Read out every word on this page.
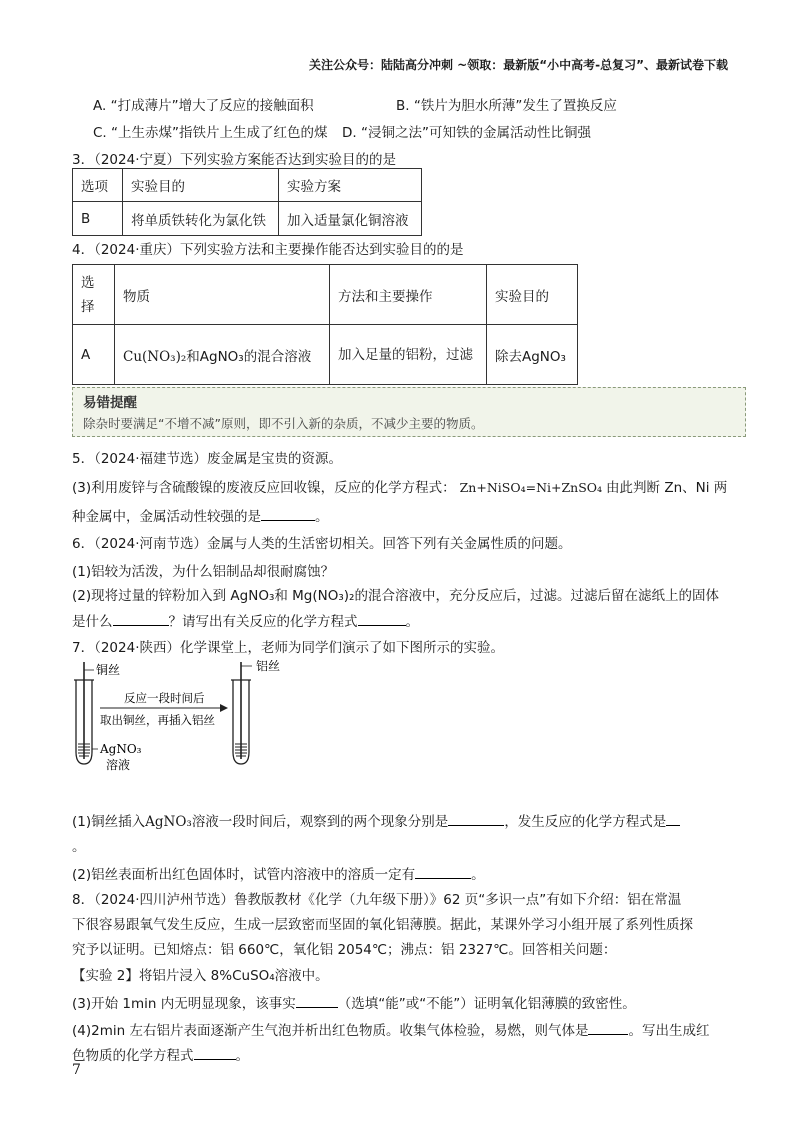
关注公众号：陆陆高分冲刺 ~领取：最新版“小中高考-总复习”、最新试卷下载
A. “打成薄片”增大了反应的接触面积	B. “铁片为胆水所薄”发生了置换反应
C. “上生赤煤”指铁片上生成了红色的煤 D. “浸铜之法”可知铁的金属活动性比铜强
3．（2024·宁夏）下列实验方案能否达到实验目的的是
选项	实验目的	实验方案
B	将单质铁转化为氯化铁	加入适量氯化铜溶液
4．（2024·重庆）下列实验方法和主要操作能否达到实验目的的是
选择	物质	方法和主要操作	实验目的
A	Cu(NO₃)₂和AgNO₃的混合溶液	加入足量的铝粉，过滤	除去AgNO₃
易错提醒
除杂时要满足“不增不减”原则，即不引入新的杂质，不减少主要的物质。
5．（2024·福建节选）废金属是宝贵的资源。
(3)利用废锌与含硫酸镍的废液反应回收镍，反应的化学方程式： Zn+NiSO₄=Ni+ZnSO₄ 由此判断 Zn、Ni 两
种金属中，金属活动性较强的是	。
6．（2024·河南节选）金属与人类的生活密切相关。回答下列有关金属性质的问题。
(1)铝较为活泼，为什么铝制品却很耐腐蚀？
(2)现将过量的锌粉加入到 AgNO₃和 Mg(NO₃)₂的混合溶液中，充分反应后，过滤。过滤后留在滤纸上的固体
是什么	？请写出有关反应的化学方程式	。
7．（2024·陕西）化学课堂上，老师为同学们演示了如下图所示的实验。
铜丝
AgNO₃
溶液
反应一段时间后
取出铜丝，再插入铝丝
铝丝
(1)铜丝插入AgNO₃溶液一段时间后，观察到的两个现象分别是	，发生反应的化学方程式是
。
(2)铝丝表面析出红色固体时，试管内溶液中的溶质一定有	。
8．（2024·四川泸州节选）鲁教版教材《化学（九年级下册）》62 页“多识一点”有如下介绍：铝在常温
下很容易跟氧气发生反应，生成一层致密而坚固的氧化铝薄膜。据此，某课外学习小组开展了系列性质探
究予以证明。已知熔点：铝 660℃，氧化铝 2054℃；沸点：铝 2327℃。回答相关问题：
【实验 2】将铝片浸入 8%CuSO₄溶液中。
(3)开始 1min 内无明显现象，该事实	（选填“能”或“不能”）证明氧化铝薄膜的致密性。
(4)2min 左右铝片表面逐渐产生气泡并析出红色物质。收集气体检验，易燃，则气体是	。写出生成红
色物质的化学方程式	。
7
